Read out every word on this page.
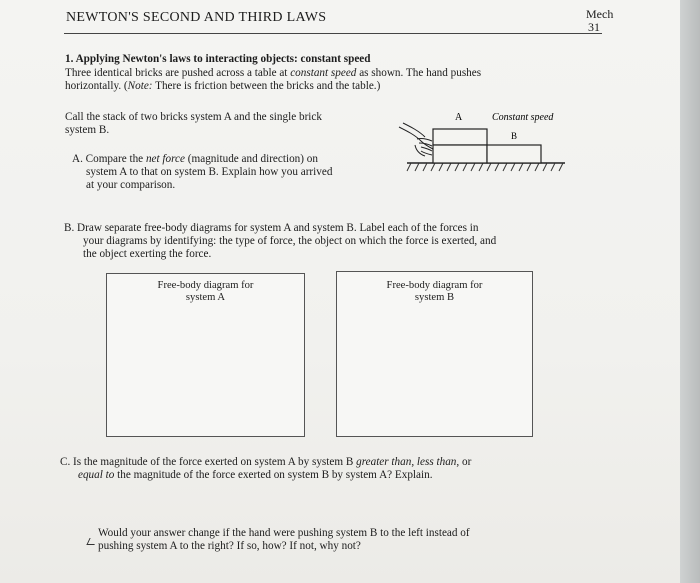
NEWTON'S SECOND AND THIRD LAWS	Mech
31
1. Applying Newton's laws to interacting objects: constant speed
Three identical bricks are pushed across a table at constant speed as shown. The hand pushes
horizontally. (Note: There is friction between the bricks and the table.)
Call the stack of two bricks system A and the single brick
system B.
A
B
Constant speed
A. Compare the net force (magnitude and direction) on
system A to that on system B. Explain how you arrived
at your comparison.
B. Draw separate free-body diagrams for system A and system B. Label each of the forces in
your diagrams by identifying: the type of force, the object on which the force is exerted, and
the object exerting the force.
Free-body diagram for
system A
Free-body diagram for
system B
C. Is the magnitude of the force exerted on system A by system B greater than, less than, or
equal to the magnitude of the force exerted on system B by system A? Explain.
Would your answer change if the hand were pushing system B to the left instead of
pushing system A to the right? If so, how? If not, why not?
